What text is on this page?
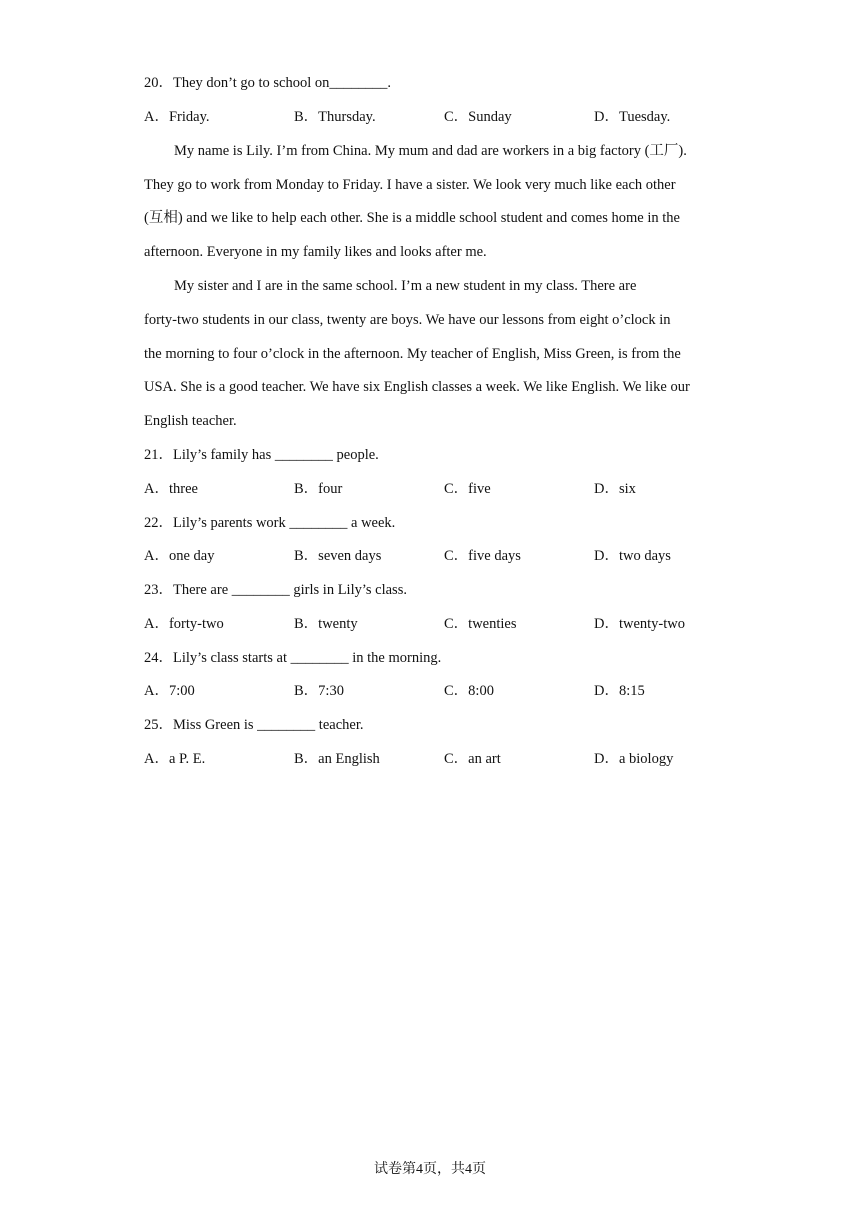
20．They don’t go to school on________.
A．Friday.	B．Thursday.	C．Sunday	D．Tuesday.
My name is Lily. I’m from China. My mum and dad are workers in a big factory (工厂).
They go to work from Monday to Friday. I have a sister. We look very much like each other
(互相) and we like to help each other. She is a middle school student and comes home in the
afternoon. Everyone in my family likes and looks after me.
My sister and I are in the same school. I’m a new student in my class. There are
forty-two students in our class, twenty are boys. We have our lessons from eight o’clock in
the morning to four o’clock in the afternoon. My teacher of English, Miss Green, is from the
USA. She is a good teacher. We have six English classes a week. We like English. We like our
English teacher.
21．Lily’s family has ________ people.
A．three	B．four	C．five	D．six
22．Lily’s parents work ________ a week.
A．one day	B．seven days	C．five days	D．two days
23．There are ________ girls in Lily’s class.
A．forty-two	B．twenty	C．twenties	D．twenty-two
24．Lily’s class starts at ________ in the morning.
A．7:00	B．7:30	C．8:00	D．8:15
25．Miss Green is ________ teacher.
A．a P. E.	B．an English	C．an art	D．a biology
试卷第4页，共4页
